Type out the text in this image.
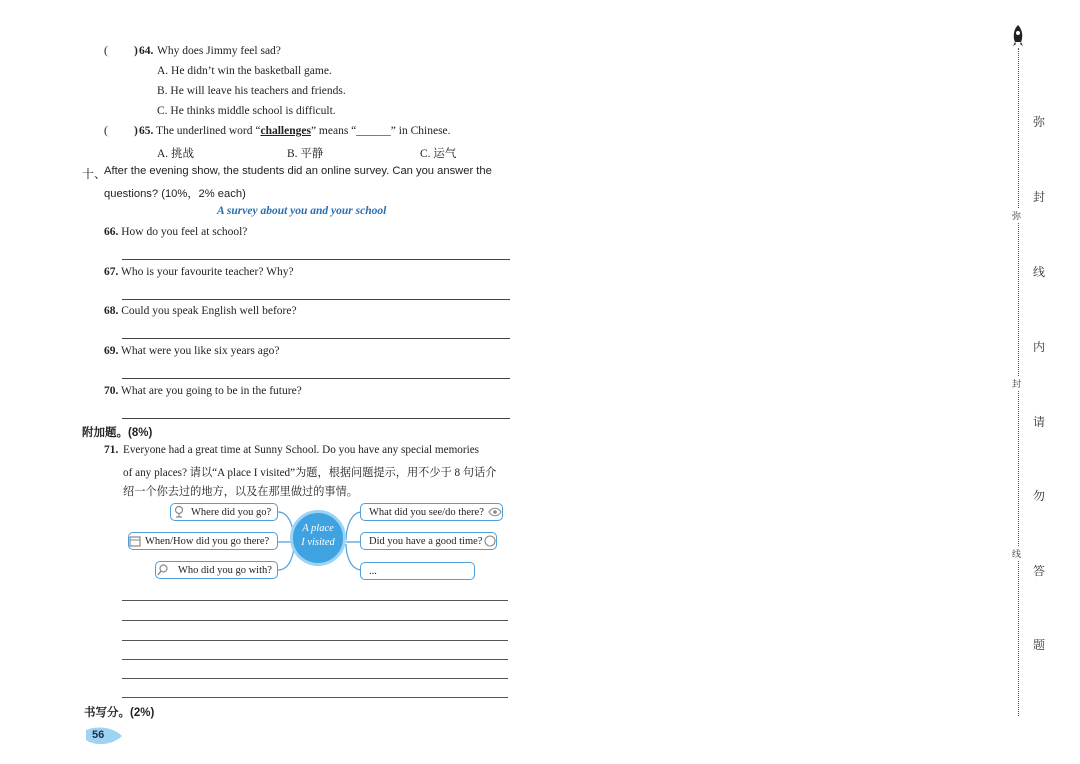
( ) 64. Why does Jimmy feel sad?
A. He didn’t win the basketball game.
B. He will leave his teachers and friends.
C. He thinks middle school is difficult.
( ) 65. The underlined word “challenges” means “______” in Chinese.
A. 挑战	B. 平静	C. 运气
十、
After the evening show, the students did an online survey. Can you answer the
questions? (10%，2% each)
A survey about you and your school
66. How do you feel at school?
67. Who is your favourite teacher? Why?
68. Could you speak English well before?
69. What were you like six years ago?
70. What are you going to be in the future?
附加题。(8%)
71. Everyone had a great time at Sunny School. Do you have any special memories
of any places? 请以“A place I visited”为题，根据问题提示，用不少于 8 句话介
绍一个你去过的地方，以及在那里做过的事情。
Where did you go?
When/How did you go there?
Who did you go with?
A place
I visited
What did you see/do there?
Did you have a good time?
...
书写分。(2%)
56
弥
封
线
内
请
勿
答
题
弥
封
线
